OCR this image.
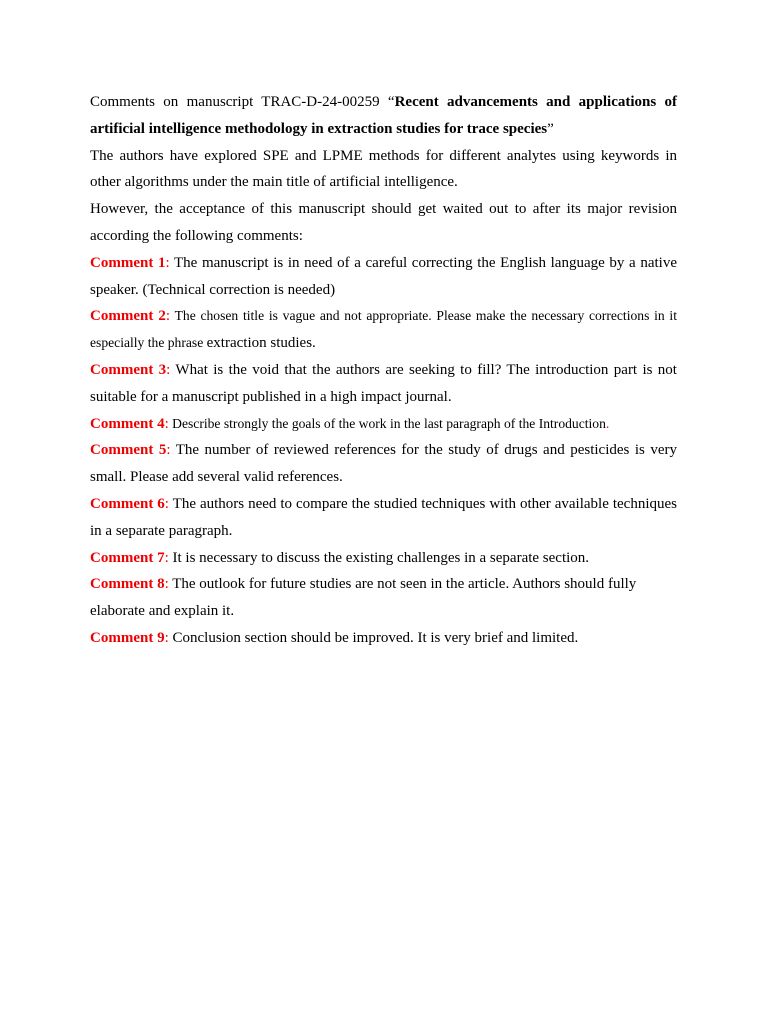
Comments on manuscript TRAC-D-24-00259 “Recent advancements and applications of artificial intelligence methodology in extraction studies for trace species”

The authors have explored SPE and LPME methods for different analytes using keywords in other algorithms under the main title of artificial intelligence.

However, the acceptance of this manuscript should get waited out to after its major revision according the following comments:

Comment 1: The manuscript is in need of a careful correcting the English language by a native speaker. (Technical correction is needed)

Comment 2: The chosen title is vague and not appropriate. Please make the necessary corrections in it especially the phrase extraction studies.

Comment 3: What is the void that the authors are seeking to fill? The introduction part is not suitable for a manuscript published in a high impact journal.

Comment 4: Describe strongly the goals of the work in the last paragraph of the Introduction.

Comment 5: The number of reviewed references for the study of drugs and pesticides is very small. Please add several valid references.

Comment 6: The authors need to compare the studied techniques with other available techniques in a separate paragraph.

Comment 7: It is necessary to discuss the existing challenges in a separate section.

Comment 8: The outlook for future studies are not seen in the article. Authors should fully elaborate and explain it.

Comment 9: Conclusion section should be improved. It is very brief and limited.
